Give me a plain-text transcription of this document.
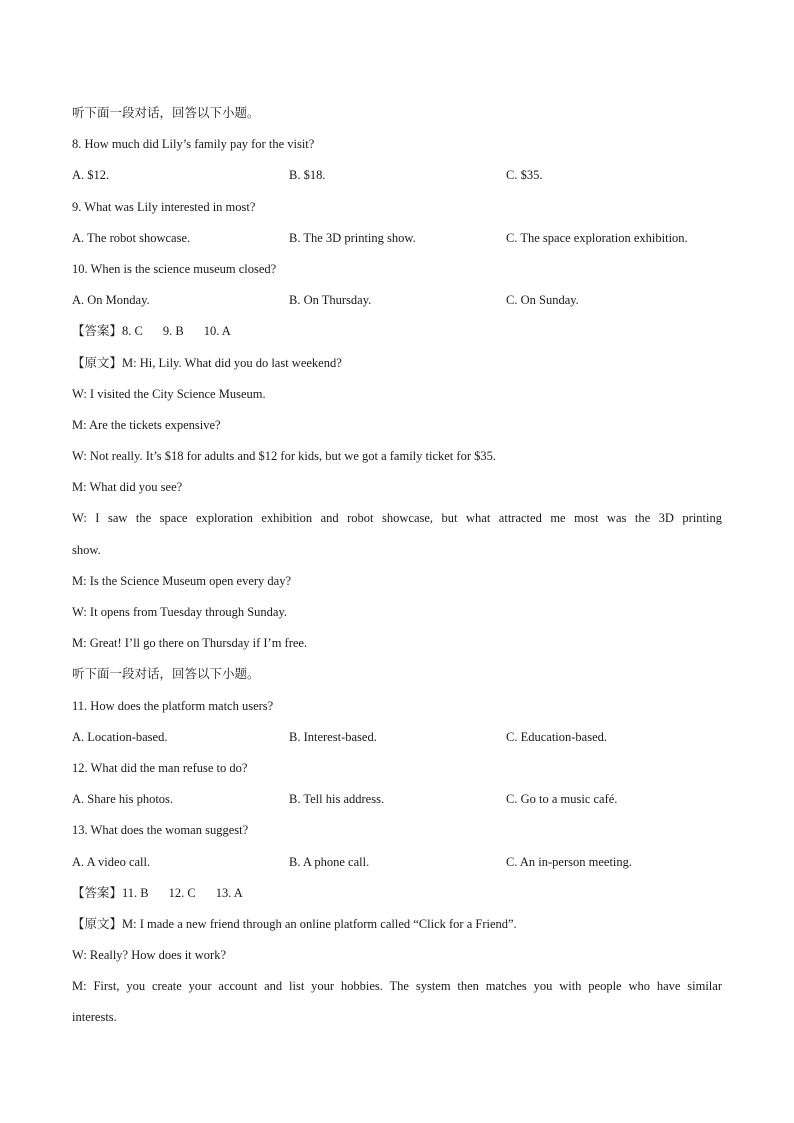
听下面一段对话，回答以下小题。
8. How much did Lily’s family pay for the visit?
A. $12.	B. $18.	C. $35.
9. What was Lily interested in most?
A. The robot showcase.	B. The 3D printing show.	C. The space exploration exhibition.
10. When is the science museum closed?
A. On Monday.	B. On Thursday.	C. On Sunday.
【答案】8. C 9. B 10. A
【原文】M: Hi, Lily. What did you do last weekend?
W: I visited the City Science Museum.
M: Are the tickets expensive?
W: Not really. It’s $18 for adults and $12 for kids, but we got a family ticket for $35.
M: What did you see?
W: I saw the space exploration exhibition and robot showcase, but what attracted me most was the 3D printing
show.
M: Is the Science Museum open every day?
W: It opens from Tuesday through Sunday.
M: Great! I’ll go there on Thursday if I’m free.
听下面一段对话，回答以下小题。
11. How does the platform match users?
A. Location-based.	B. Interest-based.	C. Education-based.
12. What did the man refuse to do?
A. Share his photos.	B. Tell his address.	C. Go to a music café.
13. What does the woman suggest?
A. A video call.	B. A phone call.	C. An in-person meeting.
【答案】11. B 12. C 13. A
【原文】M: I made a new friend through an online platform called “Click for a Friend”.
W: Really? How does it work?
M: First, you create your account and list your hobbies. The system then matches you with people who have similar
interests.
